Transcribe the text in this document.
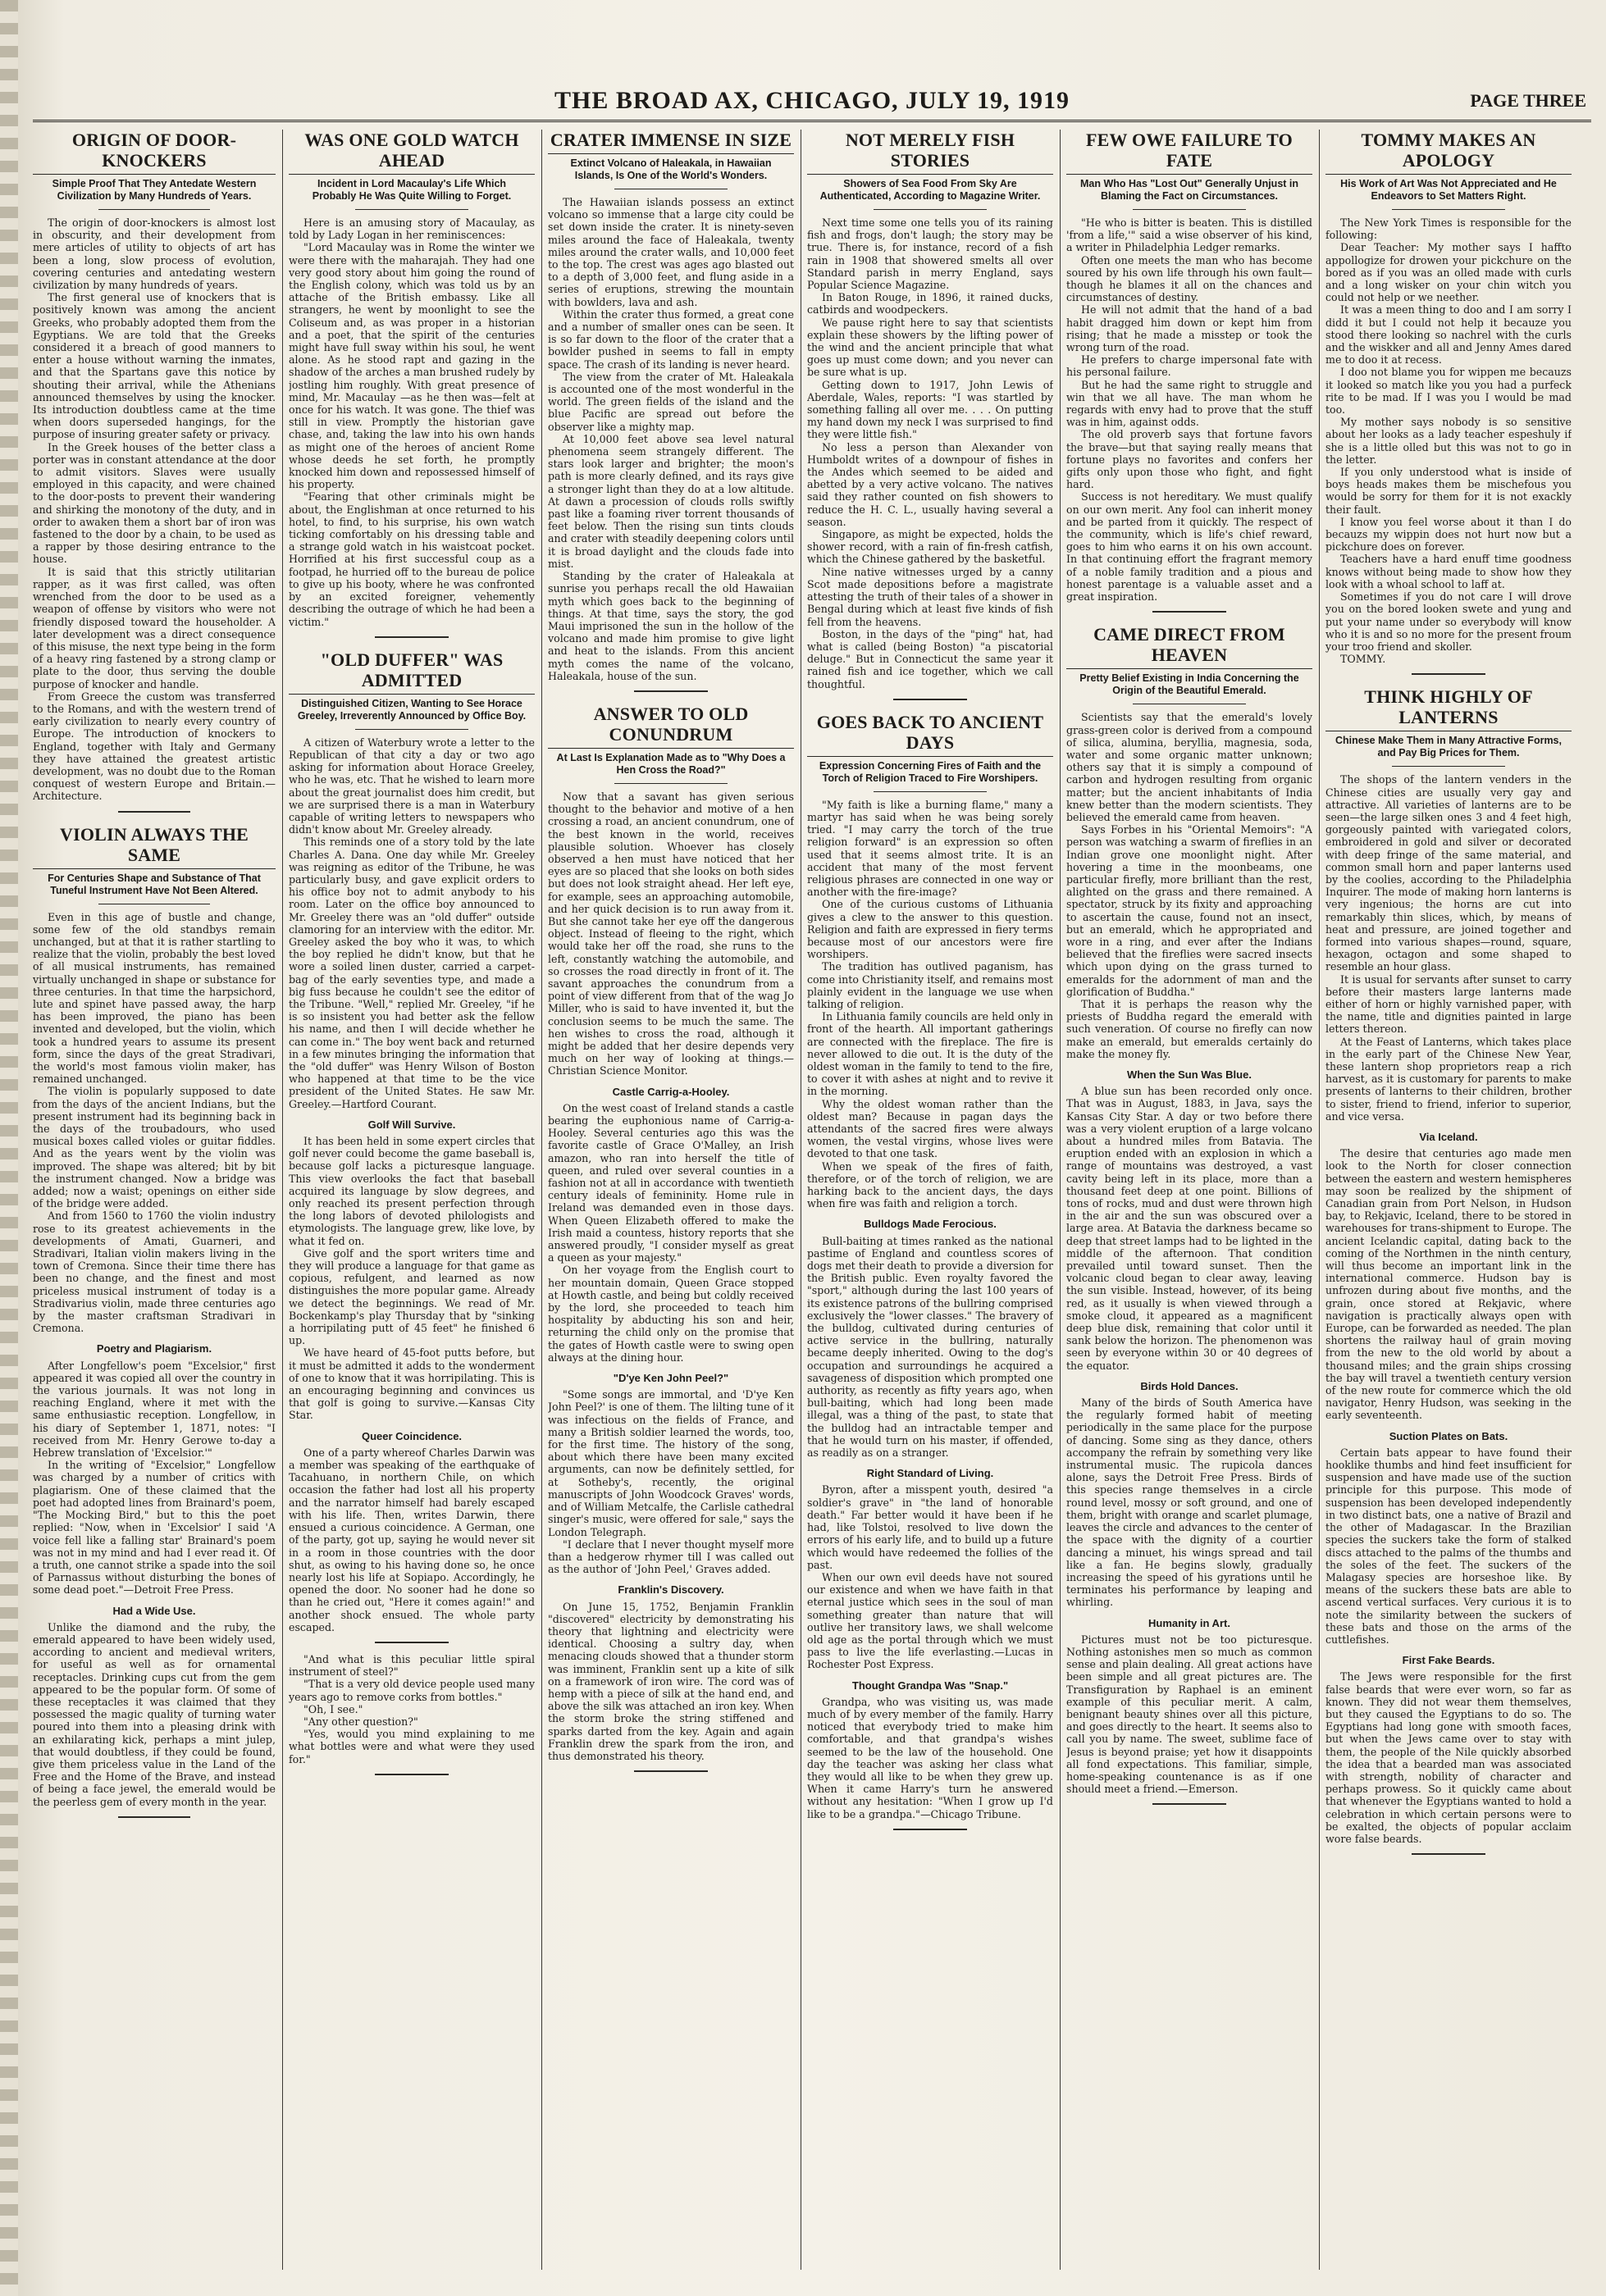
THE BROAD AX, CHICAGO, JULY 19, 1919	PAGE THREE
ORIGIN OF DOOR-KNOCKERS
Simple Proof That They Antedate Western Civilization by Many Hundreds of Years.

The origin of door-knockers is almost lost in obscurity, and their development from mere articles of utility to objects of art has been a long, slow process of evolution, covering centuries and antedating western civilization by many hundreds of years.

The first general use of knockers that is positively known was among the ancient Greeks, who probably adopted them from the Egyptians. We are told that the Greeks considered it a breach of good manners to enter a house without warning the inmates, and that the Spartans gave this notice by shouting their arrival, while the Athenians announced themselves by using the knocker. Its introduction doubtless came at the time when doors superseded hangings, for the purpose of insuring greater safety or privacy.

In the Greek houses of the better class a porter was in constant attendance at the door to admit visitors. Slaves were usually employed in this capacity, and were chained to the door-posts to prevent their wandering and shirking the monotony of the duty, and in order to awaken them a short bar of iron was fastened to the door by a chain, to be used as a rapper by those desiring entrance to the house.

It is said that this strictly utilitarian rapper, as it was first called, was often wrenched from the door to be used as a weapon of offense by visitors who were not friendly disposed toward the householder. A later development was a direct consequence of this misuse, the next type being in the form of a heavy ring fastened by a strong clamp or plate to the door, thus serving the double purpose of knocker and handle.

From Greece the custom was transferred to the Romans, and with the western trend of early civilization to nearly every country of Europe. The introduction of knockers to England, together with Italy and Germany they have attained the greatest artistic development, was no doubt due to the Roman conquest of western Europe and Britain.—Architecture.

VIOLIN ALWAYS THE SAME
For Centuries Shape and Substance of That Tuneful Instrument Have Not Been Altered.

Even in this age of bustle and change, some few of the old standbys remain unchanged, but at that it is rather startling to realize that the violin, probably the best loved of all musical instruments, has remained virtually unchanged in shape or substance for three centuries. In that time the harpsichord, lute and spinet have passed away, the harp has been improved, the piano has been invented and developed, but the violin, which took a hundred years to assume its present form, since the days of the great Stradivari, the world's most famous violin maker, has remained unchanged.

The violin is popularly supposed to date from the days of the ancient Indians, but the present instrument had its beginning back in the days of the troubadours, who used musical boxes called violes or guitar fiddles. And as the years went by the violin was improved. The shape was altered; bit by bit the instrument changed. Now a bridge was added; now a waist; openings on either side of the bridge were added.

And from 1560 to 1760 the violin industry rose to its greatest achievements in the developments of Amati, Guarneri, and Stradivari, Italian violin makers living in the town of Cremona. Since their time there has been no change, and the finest and most priceless musical instrument of today is a Stradivarius violin, made three centuries ago by the master craftsman Stradivari in Cremona.

Poetry and Plagiarism.

After Longfellow's poem "Excelsior," first appeared it was copied all over the country in the various journals. It was not long in reaching England, where it met with the same enthusiastic reception. Longfellow, in his diary of September 1, 1871, notes: "I received from Mr. Henry Gerowe to-day a Hebrew translation of 'Excelsior.'"

In the writing of "Excelsior," Longfellow was charged by a number of critics with plagiarism. One of these claimed that the poet had adopted lines from Brainard's poem, "The Mocking Bird," but to this the poet replied: "Now, when in 'Excelsior' I said 'A voice fell like a falling star' Brainard's poem was not in my mind and had I ever read it. Of a truth, one cannot strike a spade into the soil of Parnassus without disturbing the bones of some dead poet."—Detroit Free Press.

Had a Wide Use.

Unlike the diamond and the ruby, the emerald appeared to have been widely used, according to ancient and medieval writers, for useful as well as for ornamental receptacles. Drinking cups cut from the gem appeared to be the popular form. Of some of these receptacles it was claimed that they possessed the magic quality of turning water poured into them into a pleasing drink with an exhilarating kick, perhaps a mint julep, that would doubtless, if they could be found, give them priceless value in the Land of the Free and the Home of the Brave, and instead of being a face jewel, the emerald would be the peerless gem of every month in the year.

WAS ONE GOLD WATCH AHEAD
Incident in Lord Macaulay's Life Which Probably He Was Quite Willing to Forget.

Here is an amusing story of Macaulay, as told by Lady Logan in her reminiscences:

"Lord Macaulay was in Rome the winter we were there with the maharajah. They had one very good story about him going the round of the English colony, which was told us by an attache of the British embassy. Like all strangers, he went by moonlight to see the Coliseum and, as was proper in a historian and a poet, that the spirit of the centuries might have full sway within his soul, he went alone. As he stood rapt and gazing in the shadow of the arches a man brushed rudely by jostling him roughly. With great presence of mind, Mr. Macaulay —as he then was—felt at once for his watch. It was gone. The thief was still in view. Promptly the historian gave chase, and, taking the law into his own hands as might one of the heroes of ancient Rome whose deeds he set forth, he promptly knocked him down and repossessed himself of his property.

"Fearing that other criminals might be about, the Englishman at once returned to his hotel, to find, to his surprise, his own watch ticking comfortably on his dressing table and a strange gold watch in his waistcoat pocket. Horrified at his first successful coup as a footpad, he hurried off to the bureau de police to give up his booty, where he was confronted by an excited foreigner, vehemently describing the outrage of which he had been a victim."

"OLD DUFFER" WAS ADMITTED
Distinguished Citizen, Wanting to See Horace Greeley, Irreverently Announced by Office Boy.

A citizen of Waterbury wrote a letter to the Republican of that city a day or two ago asking for information about Horace Greeley, who he was, etc. That he wished to learn more about the great journalist does him credit, but we are surprised there is a man in Waterbury capable of writing letters to newspapers who didn't know about Mr. Greeley already.

This reminds one of a story told by the late Charles A. Dana. One day while Mr. Greeley was reigning as editor of the Tribune, he was particularly busy, and gave explicit orders to his office boy not to admit anybody to his room. Later on the office boy announced to Mr. Greeley there was an "old duffer" outside clamoring for an interview with the editor. Mr. Greeley asked the boy who it was, to which the boy replied he didn't know, but that he wore a soiled linen duster, carried a carpet-bag of the early seventies type, and made a big fuss because he couldn't see the editor of the Tribune. "Well," replied Mr. Greeley, "if he is so insistent you had better ask the fellow his name, and then I will decide whether he can come in." The boy went back and returned in a few minutes bringing the information that the "old duffer" was Henry Wilson of Boston who happened at that time to be the vice president of the United States. He saw Mr. Greeley.—Hartford Courant.

Golf Will Survive.

It has been held in some expert circles that golf never could become the game baseball is, because golf lacks a picturesque language. This view overlooks the fact that baseball acquired its language by slow degrees, and only reached its present perfection through the long labors of devoted philologists and etymologists. The language grew, like love, by what it fed on.

Give golf and the sport writers time and they will produce a language for that game as copious, refulgent, and learned as now distinguishes the more popular game. Already we detect the beginnings. We read of Mr. Bockenkamp's play Thursday that by "sinking a horripilating putt of 45 feet" he finished 6 up.

We have heard of 45-foot putts before, but it must be admitted it adds to the wonderment of one to know that it was horripilating. This is an encouraging beginning and convinces us that golf is going to survive.—Kansas City Star.

Queer Coincidence.

One of a party whereof Charles Darwin was a member was speaking of the earthquake of Tacahuano, in northern Chile, on which occasion the father had lost all his property and the narrator himself had barely escaped with his life. Then, writes Darwin, there ensued a curious coincidence. A German, one of the party, got up, saying he would never sit in a room in those countries with the door shut, as owing to his having done so, he once nearly lost his life at Sopiapo. Accordingly, he opened the door. No sooner had he done so than he cried out, "Here it comes again!" and another shock ensued. The whole party escaped.

"And what is this peculiar little spiral instrument of steel?"

"That is a very old device people used many years ago to remove corks from bottles."

"Oh, I see."

"Any other question?"

"Yes, would you mind explaining to me what bottles were and what were they used for."

CRATER IMMENSE IN SIZE
Extinct Volcano of Haleakala, in Hawaiian Islands, Is One of the World's Wonders.

The Hawaiian islands possess an extinct volcano so immense that a large city could be set down inside the crater. It is ninety-seven miles around the face of Haleakala, twenty miles around the crater walls, and 10,000 feet to the top. The crest was ages ago blasted out to a depth of 3,000 feet, and flung aside in a series of eruptions, strewing the mountain with bowlders, lava and ash.

Within the crater thus formed, a great cone and a number of smaller ones can be seen. It is so far down to the floor of the crater that a bowlder pushed in seems to fall in empty space. The crash of its landing is never heard.

The view from the crater of Mt. Haleakala is accounted one of the most wonderful in the world. The green fields of the island and the blue Pacific are spread out before the observer like a mighty map.

At 10,000 feet above sea level natural phenomena seem strangely different. The stars look larger and brighter; the moon's path is more clearly defined, and its rays give a stronger light than they do at a low altitude. At dawn a procession of clouds rolls swiftly past like a foaming river torrent thousands of feet below. Then the rising sun tints clouds and crater with steadily deepening colors until it is broad daylight and the clouds fade into mist.

Standing by the crater of Haleakala at sunrise you perhaps recall the old Hawaiian myth which goes back to the beginning of things. At that time, says the story, the god Maui imprisoned the sun in the hollow of the volcano and made him promise to give light and heat to the islands. From this ancient myth comes the name of the volcano, Haleakala, house of the sun.

ANSWER TO OLD CONUNDRUM
At Last Is Explanation Made as to "Why Does a Hen Cross the Road?"

Now that a savant has given serious thought to the behavior and motive of a hen crossing a road, an ancient conundrum, one of the best known in the world, receives plausible solution. Whoever has closely observed a hen must have noticed that her eyes are so placed that she looks on both sides but does not look straight ahead. Her left eye, for example, sees an approaching automobile, and her quick decision is to run away from it. But she cannot take her eye off the dangerous object. Instead of fleeing to the right, which would take her off the road, she runs to the left, constantly watching the automobile, and so crosses the road directly in front of it. The savant approaches the conundrum from a point of view different from that of the wag Jo Miller, who is said to have invented it, but the conclusion seems to be much the same. The hen wishes to cross the road, although it might be added that her desire depends very much on her way of looking at things.—Christian Science Monitor.

Castle Carrig-a-Hooley.

On the west coast of Ireland stands a castle bearing the euphonious name of Carrig-a-Hooley. Several centuries ago this was the favorite castle of Grace O'Malley, an Irish amazon, who ran into herself the title of queen, and ruled over several counties in a fashion not at all in accordance with twentieth century ideals of femininity. Home rule in Ireland was demanded even in those days. When Queen Elizabeth offered to make the Irish maid a countess, history reports that she answered proudly, "I consider myself as great a queen as your majesty."

On her voyage from the English court to her mountain domain, Queen Grace stopped at Howth castle, and being but coldly received by the lord, she proceeded to teach him hospitality by abducting his son and heir, returning the child only on the promise that the gates of Howth castle were to swing open always at the dining hour.

"D'ye Ken John Peel?"

"Some songs are immortal, and 'D'ye Ken John Peel?' is one of them. The lilting tune of it was infectious on the fields of France, and many a British soldier learned the words, too, for the first time. The history of the song, about which there have been many excited arguments, can now be definitely settled, for at Sotheby's, recently, the original manuscripts of John Woodcock Graves' words, and of William Metcalfe, the Carlisle cathedral singer's music, were offered for sale," says the London Telegraph.

"I declare that I never thought myself more than a hedgerow rhymer till I was called out as the author of 'John Peel,' Graves added.

Franklin's Discovery.

On June 15, 1752, Benjamin Franklin "discovered" electricity by demonstrating his theory that lightning and electricity were identical. Choosing a sultry day, when menacing clouds showed that a thunder storm was imminent, Franklin sent up a kite of silk on a framework of iron wire. The cord was of hemp with a piece of silk at the hand end, and above the silk was attached an iron key. When the storm broke the string stiffened and sparks darted from the key. Again and again Franklin drew the spark from the iron, and thus demonstrated his theory.

NOT MERELY FISH STORIES
Showers of Sea Food From Sky Are Authenticated, According to Magazine Writer.

Next time some one tells you of its raining fish and frogs, don't laugh; the story may be true. There is, for instance, record of a fish rain in 1908 that showered smelts all over Standard parish in merry England, says Popular Science Magazine.

In Baton Rouge, in 1896, it rained ducks, catbirds and woodpeckers.

We pause right here to say that scientists explain these showers by the lifting power of the wind and the ancient principle that what goes up must come down; and you never can be sure what is up.

Getting down to 1917, John Lewis of Aberdale, Wales, reports: "I was startled by something falling all over me. . . . On putting my hand down my neck I was surprised to find they were little fish."

No less a person than Alexander von Humboldt writes of a downpour of fishes in the Andes which seemed to be aided and abetted by a very active volcano. The natives said they rather counted on fish showers to reduce the H. C. L., usually having several a season.

Singapore, as might be expected, holds the shower record, with a rain of fin-fresh catfish, which the Chinese gathered by the basketful.

Nine native witnesses urged by a canny Scot made depositions before a magistrate attesting the truth of their tales of a shower in Bengal during which at least five kinds of fish fell from the heavens.

Boston, in the days of the "ping" hat, had what is called (being Boston) "a piscatorial deluge." But in Connecticut the same year it rained fish and ice together, which we call thoughtful.

GOES BACK TO ANCIENT DAYS
Expression Concerning Fires of Faith and the Torch of Religion Traced to Fire Worshipers.

"My faith is like a burning flame," many a martyr has said when he was being sorely tried. "I may carry the torch of the true religion forward" is an expression so often used that it seems almost trite. It is an accident that many of the most fervent religious phrases are connected in one way or another with the fire-image?

One of the curious customs of Lithuania gives a clew to the answer to this question. Religion and faith are expressed in fiery terms because most of our ancestors were fire worshipers.

The tradition has outlived paganism, has come into Christianity itself, and remains most plainly evident in the language we use when talking of religion.

In Lithuania family councils are held only in front of the hearth. All important gatherings are connected with the fireplace. The fire is never allowed to die out. It is the duty of the oldest woman in the family to tend to the fire, to cover it with ashes at night and to revive it in the morning.

Why the oldest woman rather than the oldest man? Because in pagan days the attendants of the sacred fires were always women, the vestal virgins, whose lives were devoted to that one task.

When we speak of the fires of faith, therefore, or of the torch of religion, we are harking back to the ancient days, the days when fire was faith and religion a torch.

Bulldogs Made Ferocious.

Bull-baiting at times ranked as the national pastime of England and countless scores of dogs met their death to provide a diversion for the British public. Even royalty favored the "sport," although during the last 100 years of its existence patrons of the bullring comprised exclusively the "lower classes." The bravery of the bulldog, cultivated during centuries of active service in the bullring, naturally became deeply inherited. Owing to the dog's occupation and surroundings he acquired a savageness of disposition which prompted one authority, as recently as fifty years ago, when bull-baiting, which had long been made illegal, was a thing of the past, to state that the bulldog had an intractable temper and that he would turn on his master, if offended, as readily as on a stranger.

Right Standard of Living.

Byron, after a misspent youth, desired "a soldier's grave" in "the land of honorable death." Far better would it have been if he had, like Tolstoi, resolved to live down the errors of his early life, and to build up a future which would have redeemed the follies of the past.

When our own evil deeds have not soured our existence and when we have faith in that eternal justice which sees in the soul of man something greater than nature that will outlive her transitory laws, we shall welcome old age as the portal through which we must pass to live the life everlasting.—Lucas in Rochester Post Express.

Thought Grandpa Was "Snap."

Grandpa, who was visiting us, was made much of by every member of the family. Harry noticed that everybody tried to make him comfortable, and that grandpa's wishes seemed to be the law of the household. One day the teacher was asking her class what they would all like to be when they grew up. When it came Harry's turn he answered without any hesitation: "When I grow up I'd like to be a grandpa."—Chicago Tribune.

FEW OWE FAILURE TO FATE
Man Who Has "Lost Out" Generally Unjust in Blaming the Fact on Circumstances.

"He who is bitter is beaten. This is distilled 'from a life,'" said a wise observer of his kind, a writer in Philadelphia Ledger remarks.

Often one meets the man who has become soured by his own life through his own fault—though he blames it all on the chances and circumstances of destiny.

He will not admit that the hand of a bad habit dragged him down or kept him from rising; that he made a misstep or took the wrong turn of the road.

He prefers to charge impersonal fate with his personal failure.

But he had the same right to struggle and win that we all have. The man whom he regards with envy had to prove that the stuff was in him, against odds.

The old proverb says that fortune favors the brave—but that saying really means that fortune plays no favorites and confers her gifts only upon those who fight, and fight hard.

Success is not hereditary. We must qualify on our own merit. Any fool can inherit money and be parted from it quickly. The respect of the community, which is life's chief reward, goes to him who earns it on his own account. In that continuing effort the fragrant memory of a noble family tradition and a pious and honest parentage is a valuable asset and a great inspiration.

CAME DIRECT FROM HEAVEN
Pretty Belief Existing in India Concerning the Origin of the Beautiful Emerald.

Scientists say that the emerald's lovely grass-green color is derived from a compound of silica, alumina, beryllia, magnesia, soda, water and some organic matter unknown; others say that it is simply a compound of carbon and hydrogen resulting from organic matter; but the ancient inhabitants of India knew better than the modern scientists. They believed the emerald came from heaven.

Says Forbes in his "Oriental Memoirs": "A person was watching a swarm of fireflies in an Indian grove one moonlight night. After hovering a time in the moonbeams, one particular firefly, more brilliant than the rest, alighted on the grass and there remained. A spectator, struck by its fixity and approaching to ascertain the cause, found not an insect, but an emerald, which he appropriated and wore in a ring, and ever after the Indians believed that the fireflies were sacred insects which upon dying on the grass turned to emeralds for the adornment of man and the glorification of Buddha."

That it is perhaps the reason why the priests of Buddha regard the emerald with such veneration. Of course no firefly can now make an emerald, but emeralds certainly do make the money fly.

When the Sun Was Blue.

A blue sun has been recorded only once. That was in August, 1883, in Java, says the Kansas City Star. A day or two before there was a very violent eruption of a large volcano about a hundred miles from Batavia. The eruption ended with an explosion in which a range of mountains was destroyed, a vast cavity being left in its place, more than a thousand feet deep at one point. Billions of tons of rocks, mud and dust were thrown high in the air and the sun was obscured over a large area. At Batavia the darkness became so deep that street lamps had to be lighted in the middle of the afternoon. That condition prevailed until toward sunset. Then the volcanic cloud began to clear away, leaving the sun visible. Instead, however, of its being red, as it usually is when viewed through a smoke cloud, it appeared as a magnificent deep blue disk, remaining that color until it sank below the horizon. The phenomenon was seen by everyone within 30 or 40 degrees of the equator.

Birds Hold Dances.

Many of the birds of South America have the regularly formed habit of meeting periodically in the same place for the purpose of dancing. Some sing as they dance, others accompany the refrain by something very like instrumental music. The rupicola dances alone, says the Detroit Free Press. Birds of this species range themselves in a circle round level, mossy or soft ground, and one of them, bright with orange and scarlet plumage, leaves the circle and advances to the center of the space with the dignity of a courtier dancing a minuet, his wings spread and tail like a fan. He begins slowly, gradually increasing the speed of his gyrations until he terminates his performance by leaping and whirling.

Humanity in Art.

Pictures must not be too picturesque. Nothing astonishes men so much as common sense and plain dealing. All great actions have been simple and all great pictures are. The Transfiguration by Raphael is an eminent example of this peculiar merit. A calm, benignant beauty shines over all this picture, and goes directly to the heart. It seems also to call you by name. The sweet, sublime face of Jesus is beyond praise; yet how it disappoints all fond expectations. This familiar, simple, home-speaking countenance is as if one should meet a friend.—Emerson.

TOMMY MAKES AN APOLOGY
His Work of Art Was Not Appreciated and He Endeavors to Set Matters Right.

The New York Times is responsible for the following:

Dear Teacher: My mother says I haffto appollogize for drowen your pickchure on the bored as if you was an olled made with curls and a long wisker on your chin witch you could not help or we neether.

It was a meen thing to doo and I am sorry I didd it but I could not help it becauze you stood there looking so nachrel with the curls and the wiskker and all and Jenny Ames dared me to doo it at recess.

I doo not blame you for wippen me becauzs it looked so match like you you had a purfeck rite to be mad. If I was you I would be mad too.

My mother says nobody is so sensitive about her looks as a lady teacher espeshuly if she is a little olled but this was not to go in the letter.

If you only understood what is inside of boys heads makes them be mischefous you would be sorry for them for it is not exackly their fault.

I know you feel worse about it than I do becauzs my wippin does not hurt now but a pickchure does on forever.

Teachers have a hard enuff time goodness knows without being made to show how they look with a whoal school to laff at.

Sometimes if you do not care I will drove you on the bored looken swete and yung and put your name under so everybody will know who it is and so no more for the present froum your troo friend and skoller.

TOMMY.

THINK HIGHLY OF LANTERNS
Chinese Make Them in Many Attractive Forms, and Pay Big Prices for Them.

The shops of the lantern venders in the Chinese cities are usually very gay and attractive. All varieties of lanterns are to be seen—the large silken ones 3 and 4 feet high, gorgeously painted with variegated colors, embroidered in gold and silver or decorated with deep fringe of the same material, and common small horn and paper lanterns used by the coolies, according to the Philadelphia Inquirer. The mode of making horn lanterns is very ingenious; the horns are cut into remarkably thin slices, which, by means of heat and pressure, are joined together and formed into various shapes—round, square, hexagon, octagon and some shaped to resemble an hour glass.

It is usual for servants after sunset to carry before their masters large lanterns made either of horn or highly varnished paper, with the name, title and dignities painted in large letters thereon.

At the Feast of Lanterns, which takes place in the early part of the Chinese New Year, these lantern shop proprietors reap a rich harvest, as it is customary for parents to make presents of lanterns to their children, brother to sister, friend to friend, inferior to superior, and vice versa.

Via Iceland.

The desire that centuries ago made men look to the North for closer connection between the eastern and western hemispheres may soon be realized by the shipment of Canadian grain from Port Nelson, in Hudson bay, to Rekjavic, Iceland, there to be stored in warehouses for trans-shipment to Europe. The ancient Icelandic capital, dating back to the coming of the Northmen in the ninth century, will thus become an important link in the international commerce. Hudson bay is unfrozen during about five months, and the grain, once stored at Rekjavic, where navigation is practically always open with Europe, can be forwarded as needed. The plan shortens the railway haul of grain moving from the new to the old world by about a thousand miles; and the grain ships crossing the bay will travel a twentieth century version of the new route for commerce which the old navigator, Henry Hudson, was seeking in the early seventeenth.

Suction Plates on Bats.

Certain bats appear to have found their hooklike thumbs and hind feet insufficient for suspension and have made use of the suction principle for this purpose. This mode of suspension has been developed independently in two distinct bats, one a native of Brazil and the other of Madagascar. In the Brazilian species the suckers take the form of stalked discs attached to the palms of the thumbs and the soles of the feet. The suckers of the Malagasy species are horseshoe like. By means of the suckers these bats are able to ascend vertical surfaces. Very curious it is to note the similarity between the suckers of these bats and those on the arms of the cuttlefishes.

First Fake Beards.

The Jews were responsible for the first false beards that were ever worn, so far as known. They did not wear them themselves, but they caused the Egyptians to do so. The Egyptians had long gone with smooth faces, but when the Jews came over to stay with them, the people of the Nile quickly absorbed the idea that a bearded man was associated with strength, nobility of character and perhaps prowess. So it quickly came about that whenever the Egyptians wanted to hold a celebration in which certain persons were to be exalted, the objects of popular acclaim wore false beards.
